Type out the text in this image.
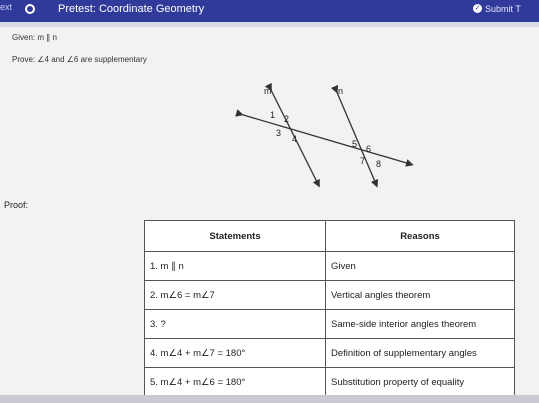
ext	Pretest: Coordinate Geometry	✓ Submit T
Given: m ∥ n
Prove: ∠4 and ∠6 are supplementary
m	n
1 2
3
4	5 6
7 8
Proof:
Statements	Reasons
1. m ∥ n	Given
2. m∠6 = m∠7	Vertical angles theorem
3. ?	Same-side interior angles theorem
4. m∠4 + m∠7 = 180°	Definition of supplementary angles
5. m∠4 + m∠6 = 180°	Substitution property of equality
